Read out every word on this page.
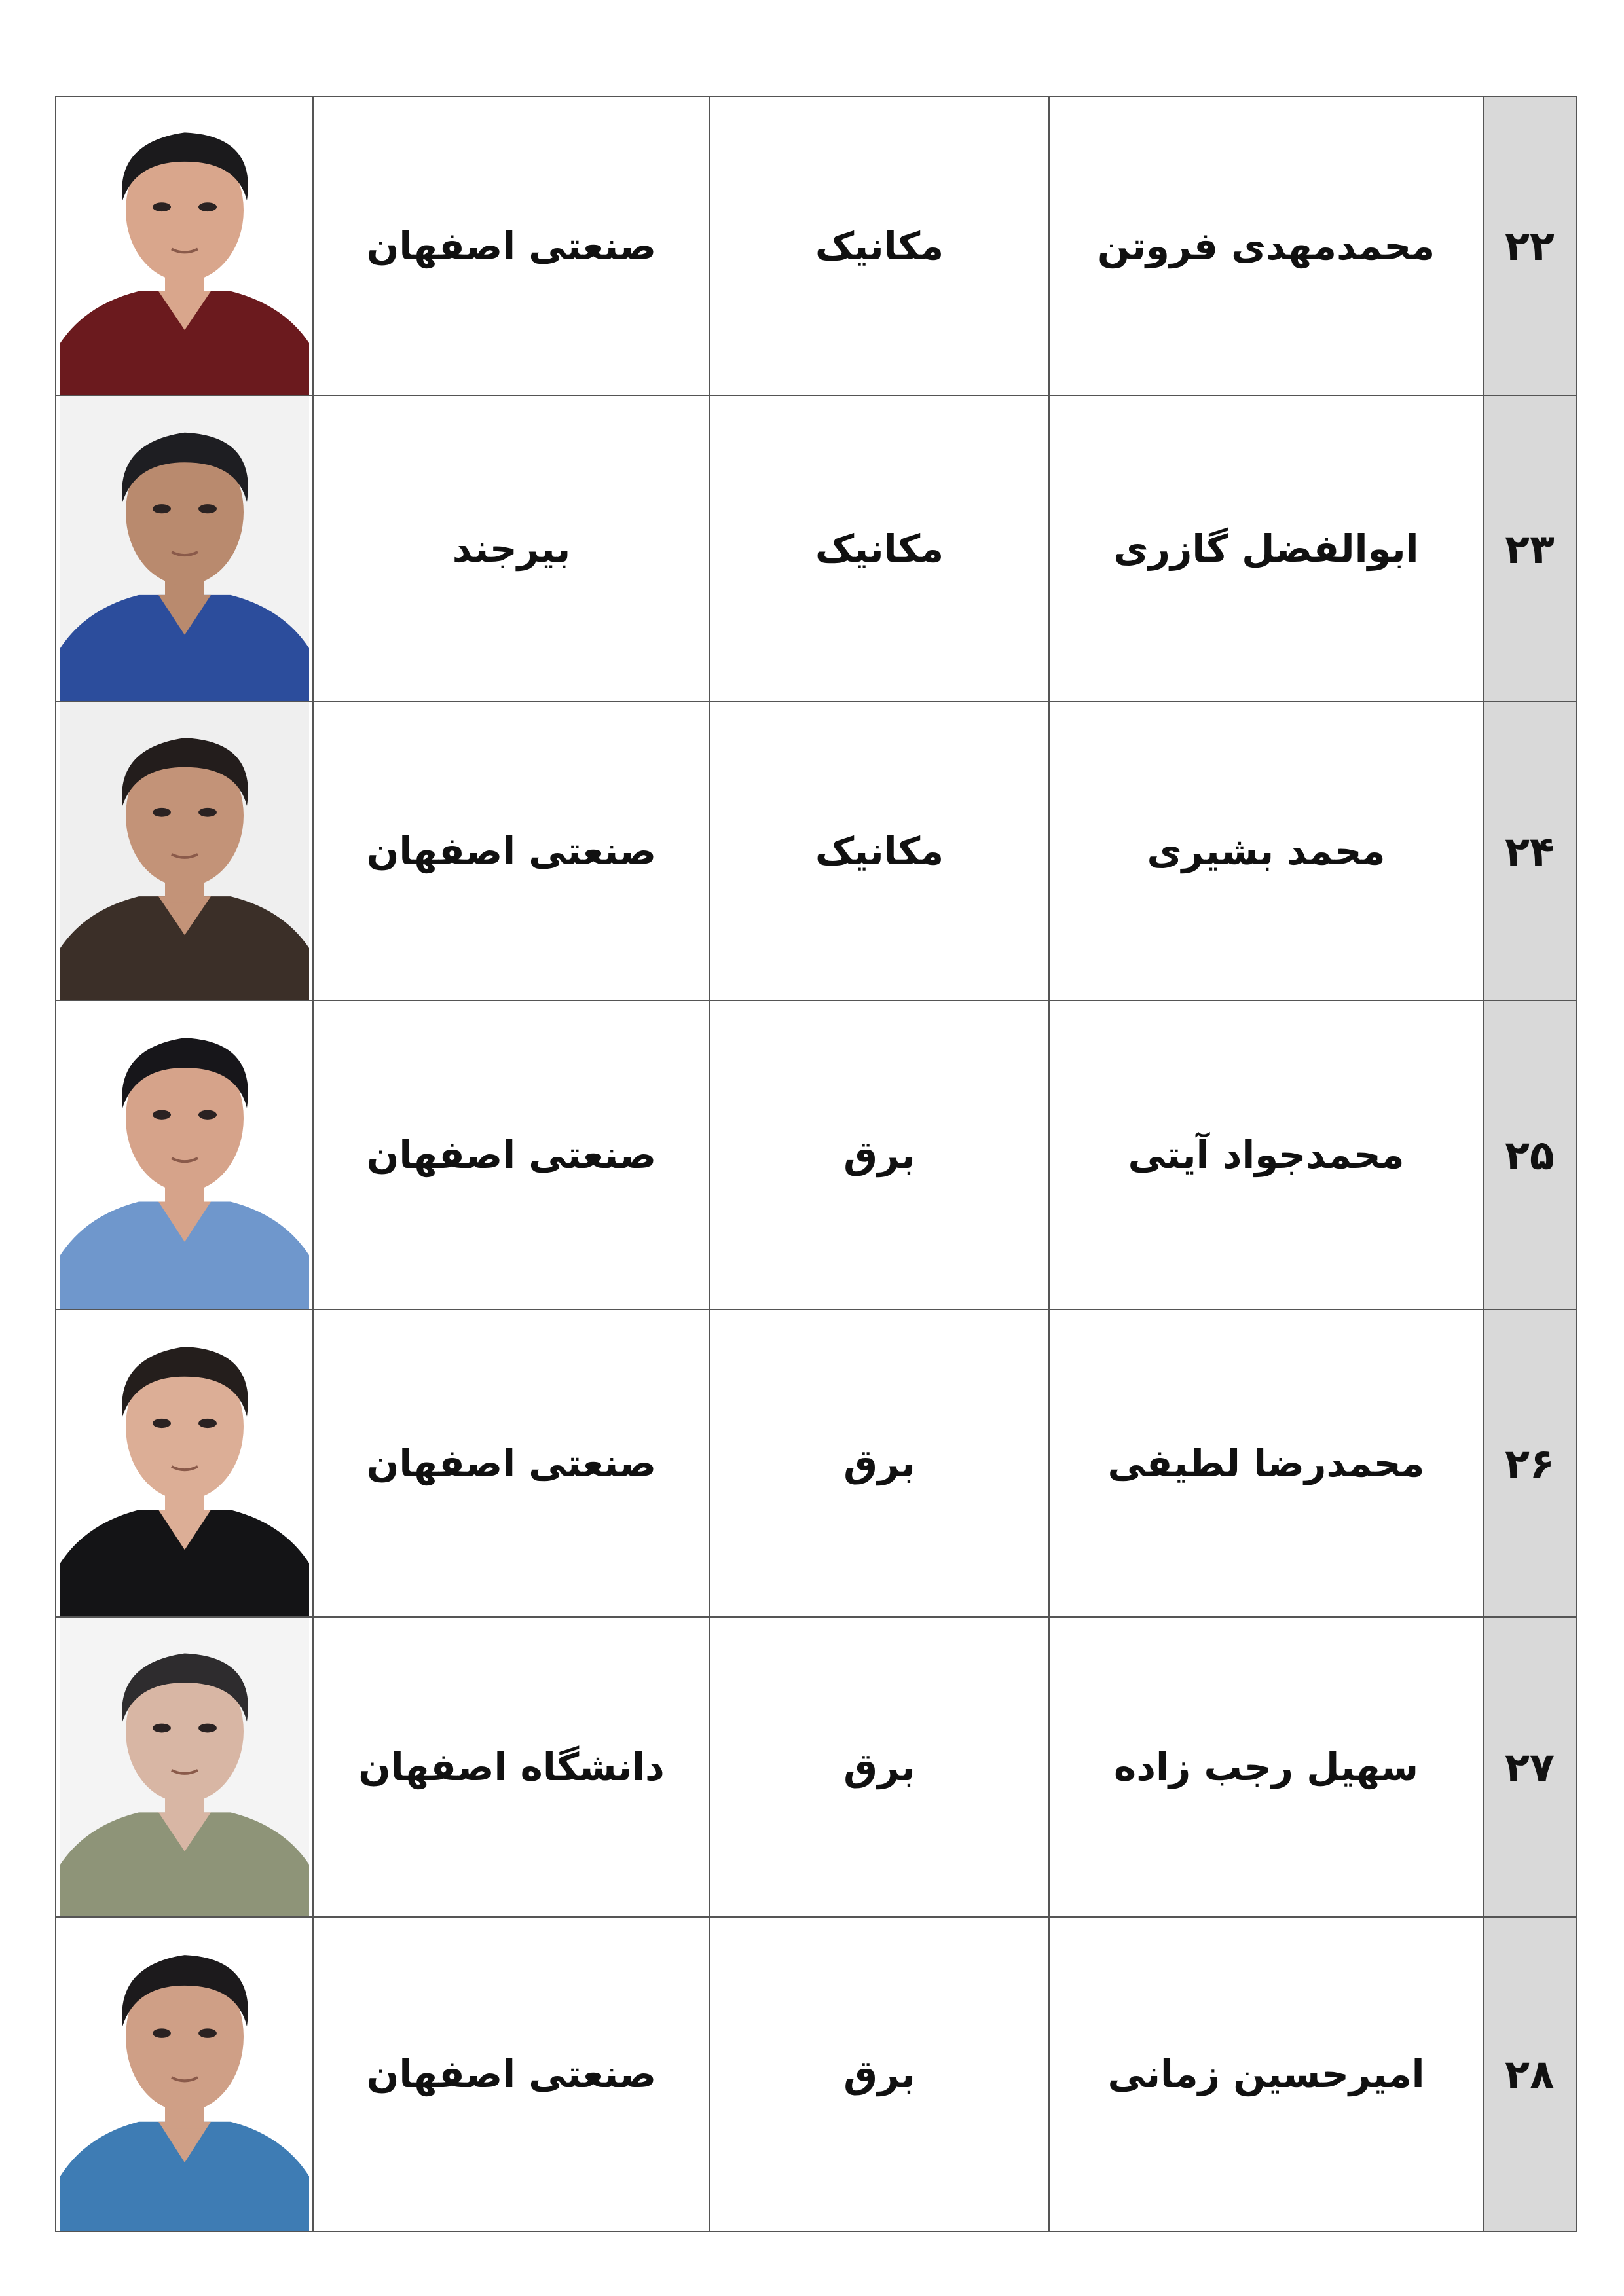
	صنعتی اصفهان	مکانیک	محمدمهدی فروتن	۲۲

	بیرجند	مکانیک	ابوالفضل گازری	۲۳

	صنعتی اصفهان	مکانیک	محمد بشیری	۲۴

	صنعتی اصفهان	برق	محمدجواد آیتی	۲۵

	صنعتی اصفهان	برق	محمدرضا لطیفی	۲۶

	دانشگاه اصفهان	برق	سهیل رجب زاده	۲۷

	صنعتی اصفهان	برق	امیرحسین زمانی	۲۸
